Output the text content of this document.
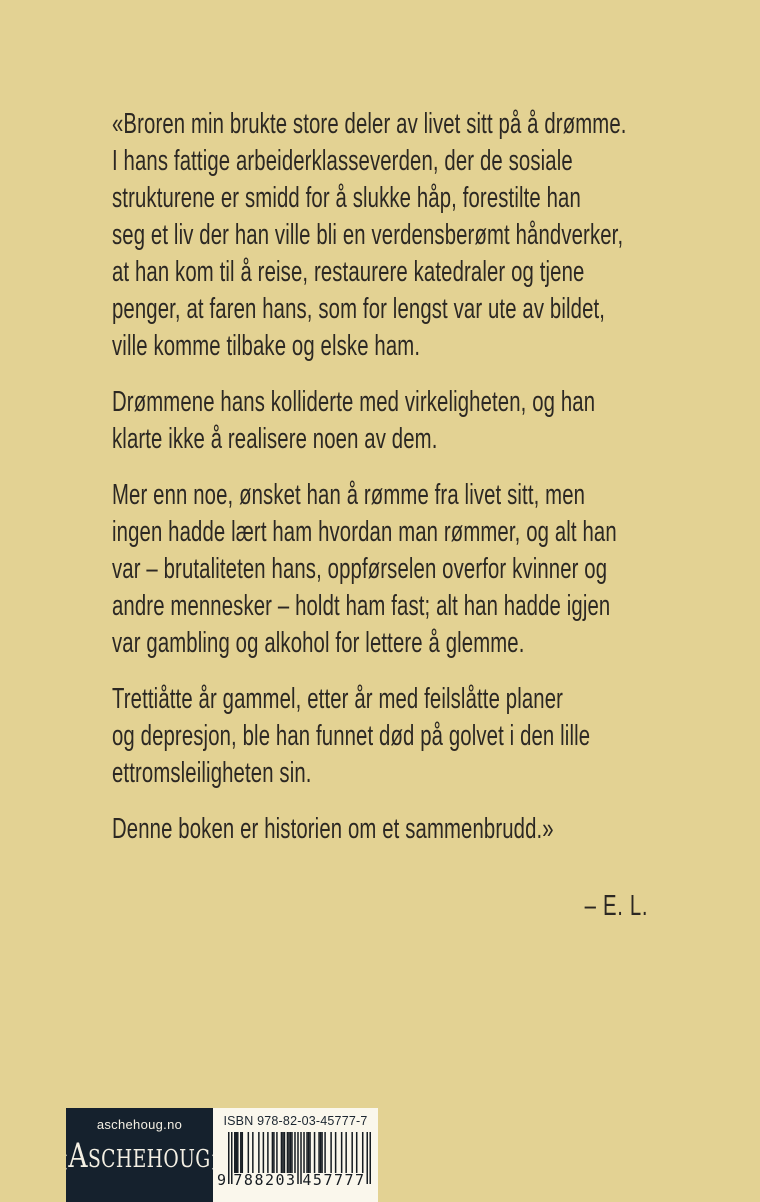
«Broren min brukte store deler av livet sitt på å drømme.
I hans fattige arbeiderklasseverden, der de sosiale
strukturene er smidd for å slukke håp, forestilte han
seg et liv der han ville bli en verdensberømt håndverker,
at han kom til å reise, restaurere katedraler og tjene
penger, at faren hans, som for lengst var ute av bildet,
ville komme tilbake og elske ham.

Drømmene hans kolliderte med virkeligheten, og han
klarte ikke å realisere noen av dem.

Mer enn noe, ønsket han å rømme fra livet sitt, men
ingen hadde lært ham hvordan man rømmer, og alt han
var – brutaliteten hans, oppførselen overfor kvinner og
andre mennesker – holdt ham fast; alt han hadde igjen
var gambling og alkohol for lettere å glemme.

Trettiåtte år gammel, etter år med feilslåtte planer
og depresjon, ble han funnet død på golvet i den lille
ettromsleiligheten sin.

Denne boken er historien om et sammenbrudd.»

– E. L.
aschehoug.no
ASCHEHOUG
ISBN 978-82-03-45777-7
9 788203 457777
